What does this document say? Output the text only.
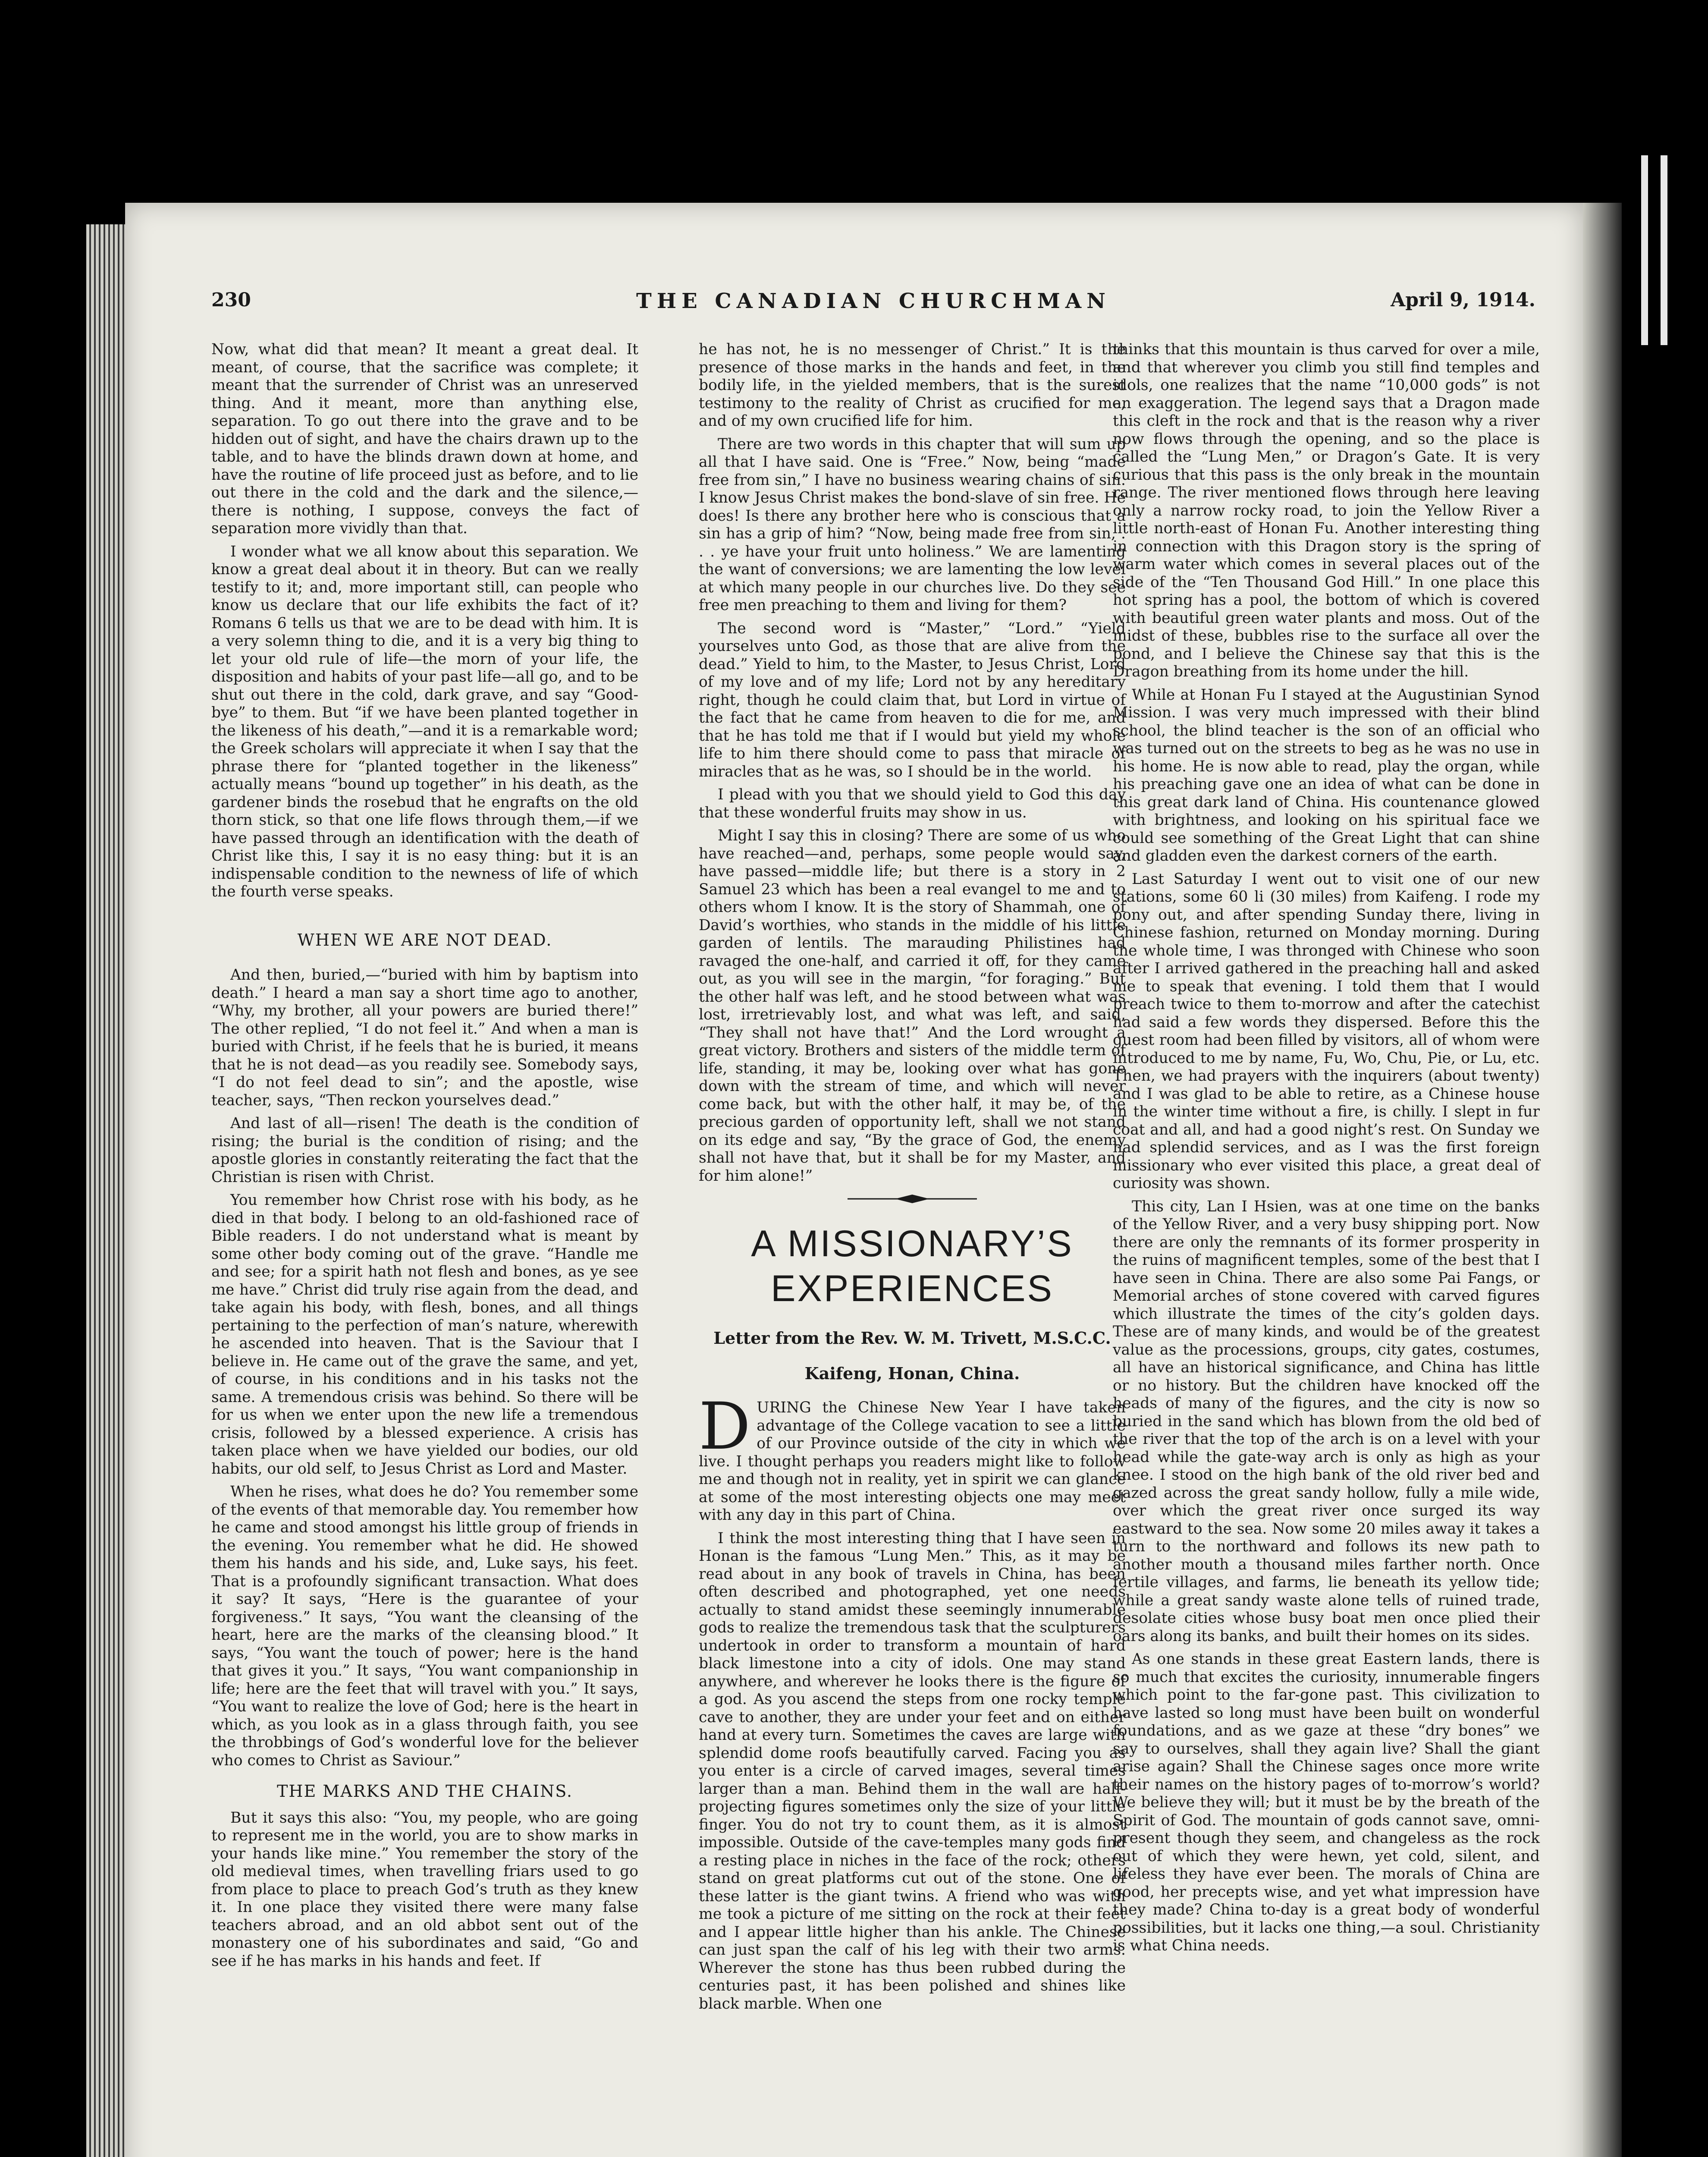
230	THE CANADIAN CHURCHMAN	April 9, 1914.

Now, what did that mean? It meant a great deal. It meant, of course, that the sacrifice was complete; it meant that the surrender of Christ was an unreserved thing. And it meant, more than anything else, separation. To go out there into the grave and to be hidden out of sight, and have the chairs drawn up to the table, and to have the blinds drawn down at home, and have the routine of life proceed just as before, and to lie out there in the cold and the dark and the silence,—there is nothing, I suppose, conveys the fact of separation more vividly than that.

I wonder what we all know about this separation. We know a great deal about it in theory. But can we really testify to it; and, more important still, can people who know us declare that our life exhibits the fact of it? Romans 6 tells us that we are to be dead with him. It is a very solemn thing to die, and it is a very big thing to let your old rule of life—the morn of your life, the disposition and habits of your past life—all go, and to be shut out there in the cold, dark grave, and say “Good-bye” to them. But “if we have been planted together in the likeness of his death,”—and it is a remarkable word; the Greek scholars will appreciate it when I say that the phrase there for “planted together in the likeness” actually means “bound up together” in his death, as the gardener binds the rosebud that he engrafts on the old thorn stick, so that one life flows through them,—if we have passed through an identification with the death of Christ like this, I say it is no easy thing: but it is an indispensable condition to the newness of life of which the fourth verse speaks.

WHEN WE ARE NOT DEAD.

And then, buried,—“buried with him by baptism into death.” I heard a man say a short time ago to another, “Why, my brother, all your powers are buried there!” The other replied, “I do not feel it.” And when a man is buried with Christ, if he feels that he is buried, it means that he is not dead—as you readily see. Somebody says, “I do not feel dead to sin”; and the apostle, wise teacher, says, “Then reckon yourselves dead.”

And last of all—risen! The death is the condition of rising; the burial is the condition of rising; and the apostle glories in constantly reiterating the fact that the Christian is risen with Christ.

You remember how Christ rose with his body, as he died in that body. I belong to an old-fashioned race of Bible readers. I do not understand what is meant by some other body coming out of the grave. “Handle me and see; for a spirit hath not flesh and bones, as ye see me have.” Christ did truly rise again from the dead, and take again his body, with flesh, bones, and all things pertaining to the perfection of man’s nature, wherewith he ascended into heaven. That is the Saviour that I believe in. He came out of the grave the same, and yet, of course, in his conditions and in his tasks not the same. A tremendous crisis was behind. So there will be for us when we enter upon the new life a tremendous crisis, followed by a blessed experience. A crisis has taken place when we have yielded our bodies, our old habits, our old self, to Jesus Christ as Lord and Master.

When he rises, what does he do? You remember some of the events of that memorable day. You remember how he came and stood amongst his little group of friends in the evening. You remember what he did. He showed them his hands and his side, and, Luke says, his feet. That is a profoundly significant transaction. What does it say? It says, “Here is the guarantee of your forgiveness.” It says, “You want the cleansing of the heart, here are the marks of the cleansing blood.” It says, “You want the touch of power; here is the hand that gives it you.” It says, “You want companionship in life; here are the feet that will travel with you.” It says, “You want to realize the love of God; here is the heart in which, as you look as in a glass through faith, you see the throbbings of God’s wonderful love for the believer who comes to Christ as Saviour.”

THE MARKS AND THE CHAINS.

But it says this also: “You, my people, who are going to represent me in the world, you are to show marks in your hands like mine.” You remember the story of the old medieval times, when travelling friars used to go from place to place to preach God’s truth as they knew it. In one place they visited there were many false teachers abroad, and an old abbot sent out of the monastery one of his subordinates and said, “Go and see if he has marks in his hands and feet. If

he has not, he is no messenger of Christ.” It is the presence of those marks in the hands and feet, in the bodily life, in the yielded members, that is the surest testimony to the reality of Christ as crucified for me, and of my own crucified life for him.

There are two words in this chapter that will sum up all that I have said. One is “Free.” Now, being “made free from sin,” I have no business wearing chains of sin. I know Jesus Christ makes the bond-slave of sin free. He does! Is there any brother here who is conscious that a sin has a grip of him? “Now, being made free from sin, . . . ye have your fruit unto holiness.” We are lamenting the want of conversions; we are lamenting the low level at which many people in our churches live. Do they see free men preaching to them and living for them?

The second word is “Master,” “Lord.” “Yield yourselves unto God, as those that are alive from the dead.” Yield to him, to the Master, to Jesus Christ, Lord of my love and of my life; Lord not by any hereditary right, though he could claim that, but Lord in virtue of the fact that he came from heaven to die for me, and that he has told me that if I would but yield my whole life to him there should come to pass that miracle of miracles that as he was, so I should be in the world.

I plead with you that we should yield to God this day that these wonderful fruits may show in us.

Might I say this in closing? There are some of us who have reached—and, perhaps, some people would say, have passed—middle life; but there is a story in 2 Samuel 23 which has been a real evangel to me and to others whom I know. It is the story of Shammah, one of David’s worthies, who stands in the middle of his little garden of lentils. The marauding Philistines had ravaged the one-half, and carried it off, for they came out, as you will see in the margin, “for foraging.” But the other half was left, and he stood between what was lost, irretrievably lost, and what was left, and said, “They shall not have that!” And the Lord wrought a great victory. Brothers and sisters of the middle term of life, standing, it may be, looking over what has gone down with the stream of time, and which will never come back, but with the other half, it may be, of the precious garden of opportunity left, shall we not stand on its edge and say, “By the grace of God, the enemy shall not have that, but it shall be for my Master, and for him alone!”

A MISSIONARY’S EXPERIENCES
Letter from the Rev. W. M. Trivett, M.S.C.C.
Kaifeng, Honan, China.

DURING the Chinese New Year I have taken advantage of the College vacation to see a little of our Province outside of the city in which we live. I thought perhaps you readers might like to follow me and though not in reality, yet in spirit we can glance at some of the most interesting objects one may meet with any day in this part of China.

I think the most interesting thing that I have seen in Honan is the famous “Lung Men.” This, as it may be read about in any book of travels in China, has been often described and photographed, yet one needs actually to stand amidst these seemingly innumerable gods to realize the tremendous task that the sculpturers undertook in order to transform a mountain of hard black limestone into a city of idols. One may stand anywhere, and wherever he looks there is the figure of a god. As you ascend the steps from one rocky temple cave to another, they are under your feet and on either hand at every turn. Sometimes the caves are large with splendid dome roofs beautifully carved. Facing you as you enter is a circle of carved images, several times larger than a man. Behind them in the wall are half-projecting figures sometimes only the size of your little finger. You do not try to count them, as it is almost impossible. Outside of the cave-temples many gods find a resting place in niches in the face of the rock; others stand on great platforms cut out of the stone. One of these latter is the giant twins. A friend who was with me took a picture of me sitting on the rock at their feet and I appear little higher than his ankle. The Chinese can just span the calf of his leg with their two arms. Wherever the stone has thus been rubbed during the centuries past, it has been polished and shines like black marble. When one

thinks that this mountain is thus carved for over a mile, and that wherever you climb you still find temples and idols, one realizes that the name “10,000 gods” is not an exaggeration. The legend says that a Dragon made this cleft in the rock and that is the reason why a river now flows through the opening, and so the place is called the “Lung Men,” or Dragon’s Gate. It is very curious that this pass is the only break in the mountain range. The river mentioned flows through here leaving only a narrow rocky road, to join the Yellow River a little north-east of Honan Fu. Another interesting thing in connection with this Dragon story is the spring of warm water which comes in several places out of the side of the “Ten Thousand God Hill.” In one place this hot spring has a pool, the bottom of which is covered with beautiful green water plants and moss. Out of the midst of these, bubbles rise to the surface all over the pond, and I believe the Chinese say that this is the Dragon breathing from its home under the hill.

While at Honan Fu I stayed at the Augustinian Synod Mission. I was very much impressed with their blind school, the blind teacher is the son of an official who was turned out on the streets to beg as he was no use in his home. He is now able to read, play the organ, while his preaching gave one an idea of what can be done in this great dark land of China. His countenance glowed with brightness, and looking on his spiritual face we could see something of the Great Light that can shine and gladden even the darkest corners of the earth.

Last Saturday I went out to visit one of our new stations, some 60 li (30 miles) from Kaifeng. I rode my pony out, and after spending Sunday there, living in Chinese fashion, returned on Monday morning. During the whole time, I was thronged with Chinese who soon after I arrived gathered in the preaching hall and asked me to speak that evening. I told them that I would preach twice to them to-morrow and after the catechist had said a few words they dispersed. Before this the guest room had been filled by visitors, all of whom were introduced to me by name, Fu, Wo, Chu, Pie, or Lu, etc. Then, we had prayers with the inquirers (about twenty) and I was glad to be able to retire, as a Chinese house in the winter time without a fire, is chilly. I slept in fur coat and all, and had a good night’s rest. On Sunday we had splendid services, and as I was the first foreign missionary who ever visited this place, a great deal of curiosity was shown.

This city, Lan I Hsien, was at one time on the banks of the Yellow River, and a very busy shipping port. Now there are only the remnants of its former prosperity in the ruins of magnificent temples, some of the best that I have seen in China. There are also some Pai Fangs, or Memorial arches of stone covered with carved figures which illustrate the times of the city’s golden days. These are of many kinds, and would be of the greatest value as the processions, groups, city gates, costumes, all have an historical significance, and China has little or no history. But the children have knocked off the heads of many of the figures, and the city is now so buried in the sand which has blown from the old bed of the river that the top of the arch is on a level with your head while the gate-way arch is only as high as your knee. I stood on the high bank of the old river bed and gazed across the great sandy hollow, fully a mile wide, over which the great river once surged its way eastward to the sea. Now some 20 miles away it takes a turn to the northward and follows its new path to another mouth a thousand miles farther north. Once fertile villages, and farms, lie beneath its yellow tide; while a great sandy waste alone tells of ruined trade, desolate cities whose busy boat men once plied their oars along its banks, and built their homes on its sides.

As one stands in these great Eastern lands, there is so much that excites the curiosity, innumerable fingers which point to the far-gone past. This civilization to have lasted so long must have been built on wonderful foundations, and as we gaze at these “dry bones” we say to ourselves, shall they again live? Shall the giant arise again? Shall the Chinese sages once more write their names on the history pages of to-morrow’s world? We believe they will; but it must be by the breath of the Spirit of God. The mountain of gods cannot save, omni-present though they seem, and changeless as the rock out of which they were hewn, yet cold, silent, and lifeless they have ever been. The morals of China are good, her precepts wise, and yet what impression have they made? China to-day is a great body of wonderful possibilities, but it lacks one thing,—a soul. Christianity is what China needs.
